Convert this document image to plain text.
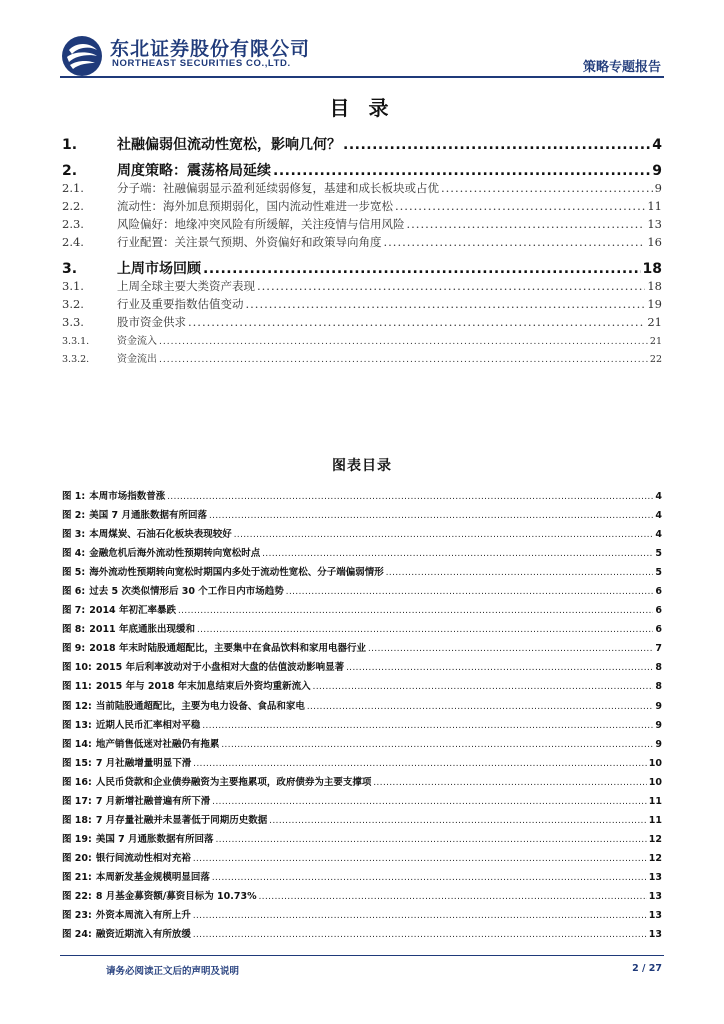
东北证券股份有限公司
NORTHEAST SECURITIES CO.,LTD.	策略专题报告
目 录
1.	社融偏弱但流动性宽松，影响几何？ .....	4
2.	周度策略：震荡格局延续 .....	9
2.1.	分子端：社融偏弱显示盈利延续弱修复，基建和成长板块或占优 .....	9
2.2.	流动性：海外加息预期弱化，国内流动性难进一步宽松 .....	11
2.3.	风险偏好：地缘冲突风险有所缓解，关注疫情与信用风险 .....	13
2.4.	行业配置：关注景气预期、外资偏好和政策导向角度 .....	16
3.	上周市场回顾 .....	18
3.1.	上周全球主要大类资产表现 .....	18
3.2.	行业及重要指数估值变动 .....	19
3.3.	股市资金供求 .....	21
3.3.1.	资金流入 .....	21
3.3.2.	资金流出 .....	22
图表目录
图 1: 本周市场指数普涨 .....	4
图 2: 美国 7 月通胀数据有所回落 .....	4
图 3: 本周煤炭、石油石化板块表现较好 .....	4
图 4: 金融危机后海外流动性预期转向宽松时点 .....	5
图 5: 海外流动性预期转向宽松时期国内多处于流动性宽松、分子端偏弱情形 .....	5
图 6: 过去 5 次类似情形后 30 个工作日内市场趋势 .....	6
图 7: 2014 年初汇率暴跌 .....	6
图 8: 2011 年底通胀出现缓和 .....	6
图 9: 2018 年末时陆股通超配比，主要集中在食品饮料和家用电器行业 .....	7
图 10: 2015 年后利率波动对于小盘相对大盘的估值波动影响显著 .....	8
图 11: 2015 年与 2018 年末加息结束后外资均重新流入 .....	8
图 12: 当前陆股通超配比，主要为电力设备、食品和家电 .....	9
图 13: 近期人民币汇率相对平稳 .....	9
图 14: 地产销售低迷对社融仍有拖累 .....	9
图 15: 7 月社融增量明显下滑 .....	10
图 16: 人民币贷款和企业债券融资为主要拖累项，政府债券为主要支撑项 .....	10
图 17: 7 月新增社融普遍有所下滑 .....	11
图 18: 7 月存量社融并未显著低于同期历史数据 .....	11
图 19: 美国 7 月通胀数据有所回落 .....	12
图 20: 银行间流动性相对充裕 .....	12
图 21: 本周新发基金规模明显回落 .....	13
图 22: 8 月基金募资额/募资目标为 10.73% .....	13
图 23: 外资本周流入有所上升 .....	13
图 24: 融资近期流入有所放缓 .....	13
请务必阅读正文后的声明及说明	2 / 27
